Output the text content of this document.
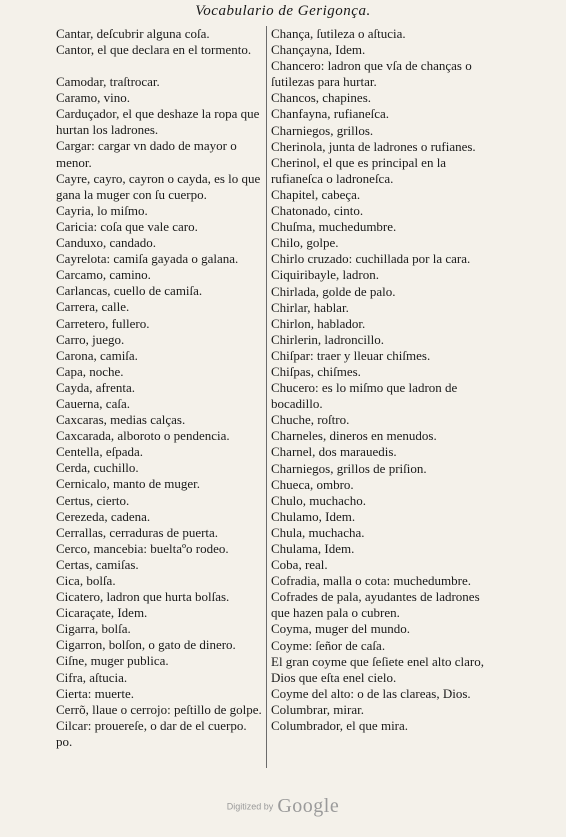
Vocabulario de Gerigonça.
Cantar, deſcubrir alguna coſa.
Cantor, el que declara en el tormento.
Camodar, traſtrocar.
Caramo, vino.
Carduçador, el que deshaze la ropa que hurtan los ladrones.
Cargar: cargar vn dado de mayor o menor.
Cayre, cayro, cayron o cayda, es lo que gana la muger con ſu cuerpo.
Cayria, lo miſmo.
Caricia: coſa que vale caro.
Canduxo, candado.
Cayrelota: camiſa gayada o galana.
Carcamo, camino.
Carlancas, cuello de camiſa.
Carrera, calle.
Carretero, fullero.
Carro, juego.
Carona, camiſa.
Capa, noche.
Cayda, afrenta.
Cauerna, caſa.
Caxcaras, medias calças.
Caxcarada, alboroto o pendencia.
Centella, eſpada.
Cerda, cuchillo.
Cernicalo, manto de muger.
Certus, cierto.
Cerezeda, cadena.
Cerrallas, cerraduras de puerta.
Cerco, mancebia: bueltaºo rodeo.
Certas, camiſas.
Cica, bolſa.
Cicatero, ladron que hurta bolſas.
Cicaraçate, Idem.
Cigarra, bolſa.
Cigarron, bolſon, o gato de dinero.
Ciſne, muger publica.
Cifra, aſtucia.
Cierta: muerte.
Cerrõ, llaue o cerrojo: peſtillo de golpe.
Cilcar: prouereſe, o dar de el cuerpo. po.
Chança, ſutileza o aſtucia.
Chançayna, Idem.
Chancero: ladron que vſa de chanças o ſutilezas para hurtar.
Chancos, chapines.
Chanfayna, rufianeſca.
Charniegos, grillos.
Cherinola, junta de ladrones o rufianes.
Cherinol, el que es principal en la rufianeſca o ladroneſca.
Chapitel, cabeça.
Chatonado, cinto.
Chuſma, muchedumbre.
Chilo, golpe.
Chirlo cruzado: cuchillada por la cara.
Ciquiribayle, ladron.
Chirlada, golde de palo.
Chirlar, hablar.
Chirlon, hablador.
Chirlerin, ladroncillo.
Chiſpar: traer y lleuar chiſmes.
Chiſpas, chiſmes.
Chucero: es lo miſmo que ladron de bocadillo.
Chuche, roſtro.
Charneles, dineros en menudos.
Charnel, dos marauedis.
Charniegos, grillos de priſion.
Chueca, ombro.
Chulo, muchacho.
Chulamo, Idem.
Chula, muchacha.
Chulama, Idem.
Coba, real.
Cofradia, malla o cota: muchedumbre.
Cofrades de pala, ayudantes de ladrones que hazen pala o cubren.
Coyma, muger del mundo.
Coyme: ſeñor de caſa.
El gran coyme que ſeſiete enel alto claro, Dios que eſta enel cielo.
Coyme del alto: o de las clareas, Dios.
Columbrar, mirar.
Columbrador, el que mira.
Digitized by Google
